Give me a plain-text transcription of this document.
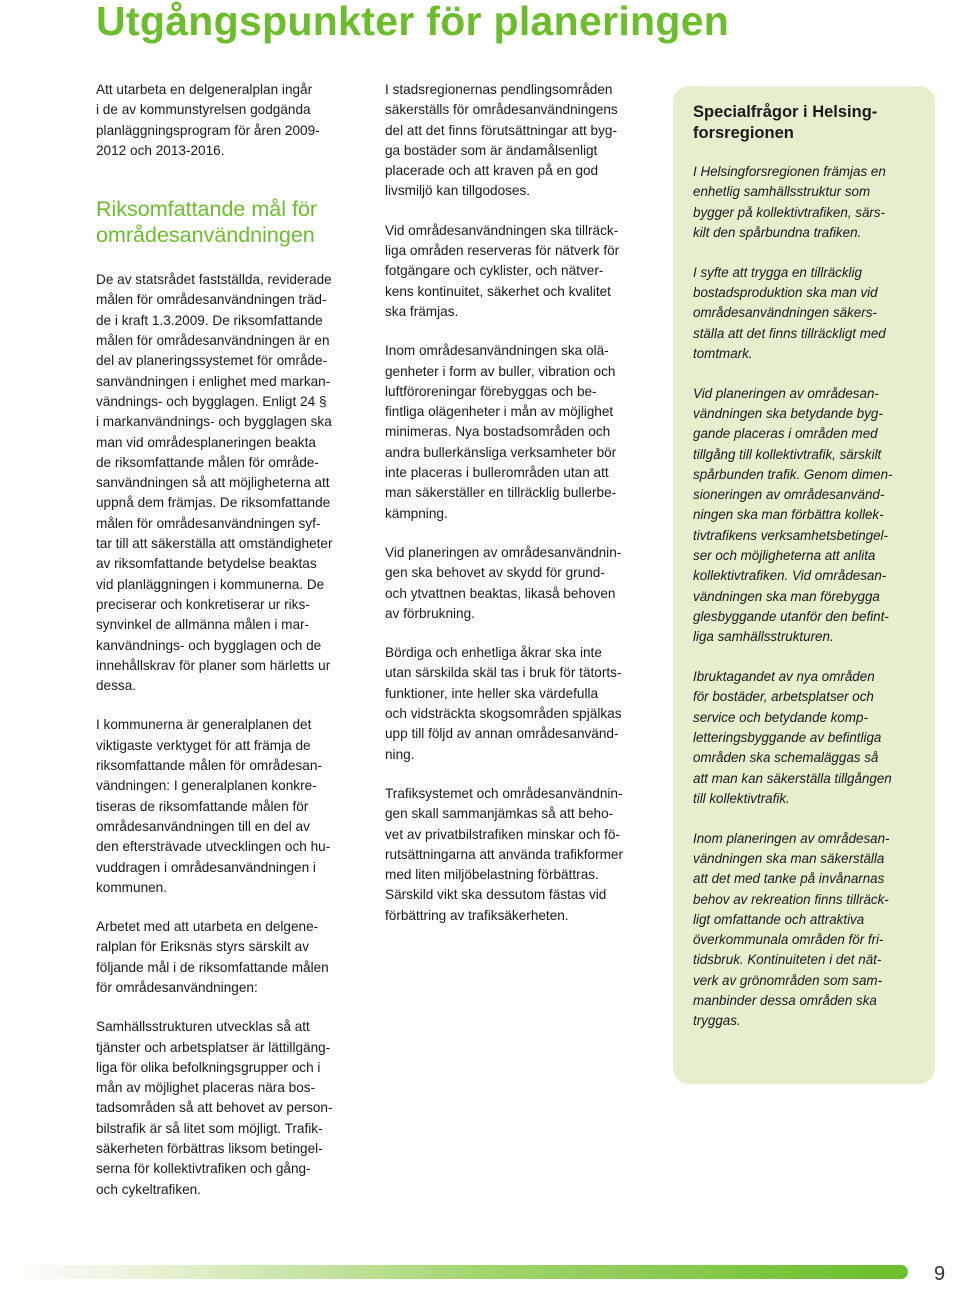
Utgångspunkter för planeringen

Att utarbeta en delgeneralplan ingår
i de av kommunstyrelsen godgända
planläggningsprogram för åren 2009-
2012 och 2013-2016.

Riksomfattande mål för
områdesanvändningen

De av statsrådet fastställda, reviderade
målen för områdesanvändningen träd-
de i kraft 1.3.2009. De riksomfattande
målen för områdesanvändningen är en
del av planeringssystemet för område-
sanvändningen i enlighet med markan-
vändnings- och bygglagen. Enligt 24 §
i markanvändnings- och bygglagen ska
man vid områdesplaneringen beakta
de riksomfattande målen för område-
sanvändningen så att möjligheterna att
uppnå dem främjas. De riksomfattande
målen för områdesanvändningen syf-
tar till att säkerställa att omständigheter
av riksomfattande betydelse beaktas
vid planläggningen i kommunerna. De
preciserar och konkretiserar ur riks-
synvinkel de allmänna målen i mar-
kanvändnings- och bygglagen och de
innehållskrav för planer som härletts ur
dessa.

I kommunerna är generalplanen det
viktigaste verktyget för att främja de
riksomfattande målen för områdesan-
vändningen: I generalplanen konkre-
tiseras de riksomfattande målen för
områdesanvändningen till en del av
den eftersträvade utvecklingen och hu-
vuddragen i områdesanvändningen i
kommunen.

Arbetet med att utarbeta en delgene-
ralplan för Eriksnäs styrs särskilt av
följande mål i de riksomfattande målen
för områdesanvändningen:

Samhällsstrukturen utvecklas så att
tjänster och arbetsplatser är lättillgäng-
liga för olika befolkningsgrupper och i
mån av möjlighet placeras nära bos-
tadsområden så att behovet av person-
bilstrafik är så litet som möjligt. Trafik-
säkerheten förbättras liksom betingel-
serna för kollektivtrafiken och gång-
och cykeltrafiken.

I stadsregionernas pendlingsområden
säkerställs för områdesanvändningens
del att det finns förutsättningar att byg-
ga bostäder som är ändamålsenligt
placerade och att kraven på en god
livsmiljö kan tillgodoses.

Vid områdesanvändningen ska tillräck-
liga områden reserveras för nätverk för
fotgängare och cyklister, och nätver-
kens kontinuitet, säkerhet och kvalitet
ska främjas.

Inom områdesanvändningen ska olä-
genheter i form av buller, vibration och
luftföroreningar förebyggas och be-
fintliga olägenheter i mån av möjlighet
minimeras. Nya bostadsområden och
andra bullerkänsliga verksamheter bör
inte placeras i bullerområden utan att
man säkerställer en tillräcklig bullerbe-
kämpning.

Vid planeringen av områdesanvändnin-
gen ska behovet av skydd för grund-
och ytvattnen beaktas, likaså behoven
av förbrukning.

Bördiga och enhetliga åkrar ska inte
utan särskilda skäl tas i bruk för tätorts-
funktioner, inte heller ska värdefulla
och vidsträckta skogsområden spjälkas
upp till följd av annan områdesanvänd-
ning.

Trafiksystemet och områdesanvändnin-
gen skall sammanjämkas så att beho-
vet av privatbilstrafiken minskar och fö-
rutsättningarna att använda trafikformer
med liten miljöbelastning förbättras.
Särskild vikt ska dessutom fästas vid
förbättring av trafiksäkerheten.

Specialfrågor i Helsing-
forsregionen

I Helsingforsregionen främjas en
enhetlig samhällsstruktur som
bygger på kollektivtrafiken, särs-
kilt den spårbundna trafiken.

I syfte att trygga en tillräcklig
bostadsproduktion ska man vid
områdesanvändningen säkers-
ställa att det finns tillräckligt med
tomtmark.

Vid planeringen av områdesan-
vändningen ska betydande byg-
gande placeras i områden med
tillgång till kollektivtrafik, särskilt
spårbunden trafik. Genom dimen-
sioneringen av områdesanvänd-
ningen ska man förbättra kollek-
tivtrafikens verksamhetsbetingel-
ser och möjligheterna att anlita
kollektivtrafiken. Vid områdesan-
vändningen ska man förebygga
glesbyggande utanför den befint-
liga samhällsstrukturen.

Ibruktagandet av nya områden
för bostäder, arbetsplatser och
service och betydande komp-
letteringsbyggande av befintliga
områden ska schemaläggas så
att man kan säkerställa tillgången
till kollektivtrafik.

Inom planeringen av områdesan-
vändningen ska man säkerställa
att det med tanke på invånarnas
behov av rekreation finns tillräck-
ligt omfattande och attraktiva
överkommunala områden för fri-
tidsbruk. Kontinuiteten i det nät-
verk av grönområden som sam-
manbinder dessa områden ska
tryggas.

9
